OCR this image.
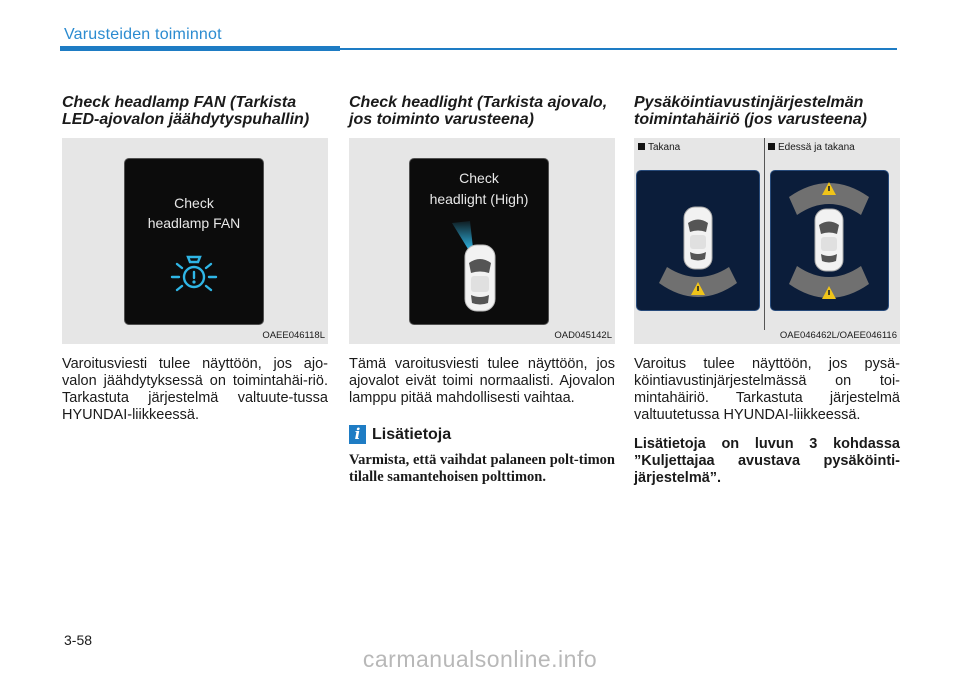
Varusteiden toiminnot
Check headlamp FAN (Tarkista LED-ajovalon jäähdytyspuhallin)
Check
headlamp FAN
OAEE046118L

Varoitusviesti tulee näyttöön, jos ajo-valon jäähdytyksessä on toimintahäi-riö. Tarkastuta järjestelmä valtuute-tussa HYUNDAI-liikkeessä.

Check headlight (Tarkista ajovalo, jos toiminto varusteena)
Check
headlight (High)
OAD045142L

Tämä varoitusviesti tulee näyttöön, jos ajovalot eivät toimi normaalisti. Ajovalon lamppu pitää mahdollisesti vaihtaa.

i Lisätietoja

Varmista, että vaihdat palaneen polt-timon tilalle samantehoisen polttimon.

Pysäköintiavustinjärjestelmän toimintahäiriö (jos varusteena)
Takana	Edessä ja takana
OAE046462L/OAEE046116

Varoitus tulee näyttöön, jos pysä-köintiavustinjärjestelmässä on toi-mintahäiriö. Tarkastuta järjestelmä valtuutetussa HYUNDAI-liikkeessä.

Lisätietoja on luvun 3 kohdassa ”Kuljettajaa avustava pysäköinti-järjestelmä”.

3-58
carmanualsonline.info
